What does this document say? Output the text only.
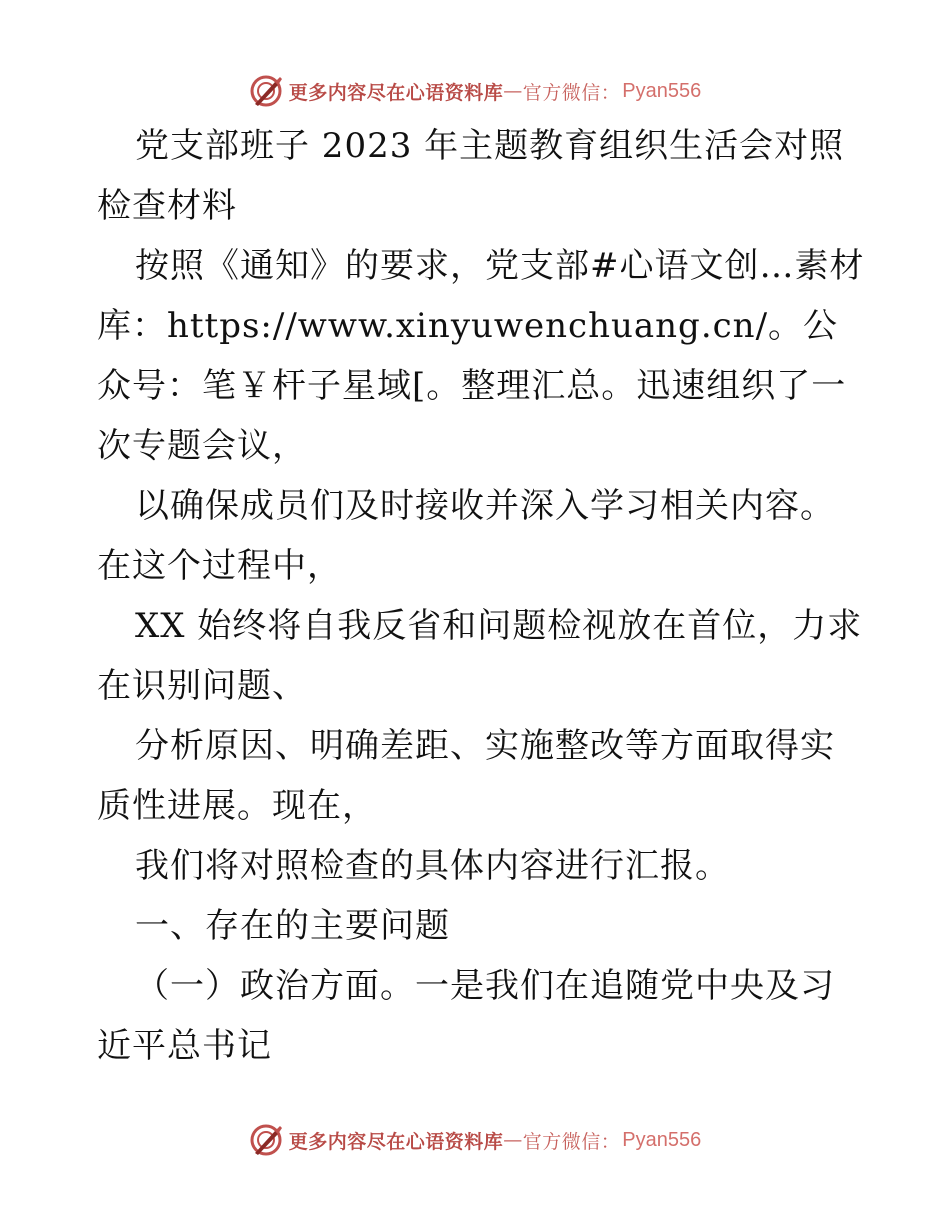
更多内容尽在心语资料库 — 官方微信： Pyan556

党支部班子 2023 年主题教育组织生活会对照检查材料

按照《通知》的要求，党支部#心语文创…素材库：https://www.xinyuwenchuang.cn/。公众号：笔￥杆子星域[。整理汇总。迅速组织了一次专题会议，

以确保成员们及时接收并深入学习相关内容。在这个过程中，

XX 始终将自我反省和问题检视放在首位，力求在识别问题、

分析原因、明确差距、实施整改等方面取得实质性进展。现在，

我们将对照检查的具体内容进行汇报。

一、存在的主要问题

（一）政治方面。一是我们在追随党中央及习近平总书记

更多内容尽在心语资料库 — 官方微信： Pyan556
